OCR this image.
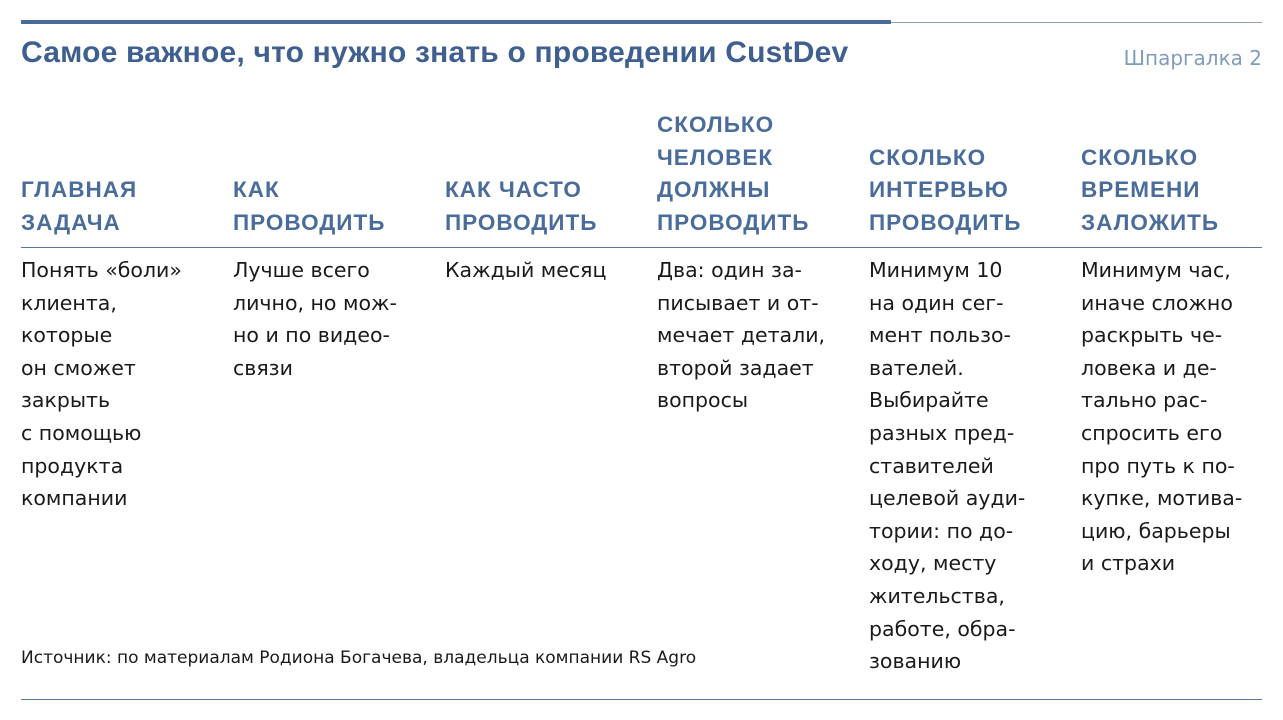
Самое важное, что нужно знать о проведении CustDev	Шпаргалка 2
ГЛАВНАЯ
ЗАДАЧА
КАК
ПРОВОДИТЬ
КАК ЧАСТО
ПРОВОДИТЬ
СКОЛЬКО
ЧЕЛОВЕК
ДОЛЖНЫ
ПРОВОДИТЬ
СКОЛЬКО
ИНТЕРВЬЮ
ПРОВОДИТЬ
СКОЛЬКО
ВРЕМЕНИ
ЗАЛОЖИТЬ
Понять «боли»
клиента,
которые
он сможет
закрыть
с помощью
продукта
компании
Лучше всего
лично, но мож-
но и по видео-
связи
Каждый месяц	Два: один за-
писывает и от-
мечает детали,
второй задает
вопросы
Минимум 10
на один сег-
мент пользо-
вателей.
Выбирайте
разных пред-
ставителей
целевой ауди-
тории: по до-
ходу, месту
жительства,
работе, обра-
зованию
Минимум час,
иначе сложно
раскрыть че-
ловека и де-
тально рас-
спросить его
про путь к по-
купке, мотива-
цию, барьеры
и страхи
Источник: по материалам Родиона Богачева, владельца компании RS Agro
